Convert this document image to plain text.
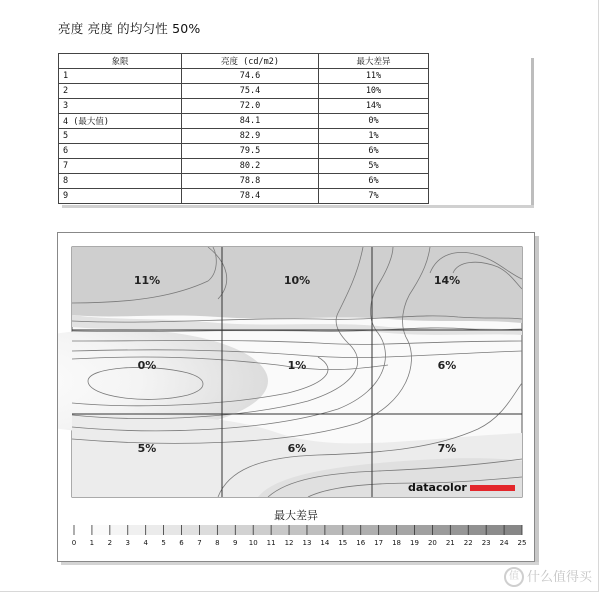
亮度 亮度 的均匀性 50%
象限	亮度 (cd/m2)	最大差异
1	74.6	11%
2	75.4	10%
3	72.0	14%
4 (最大值)	84.1	0%
5	82.9	1%
6	79.5	6%
7	80.2	5%
8	78.8	6%
9	78.4	7%
11%	10%	14%
0%	1%	6%
5%	6%	7%
datacolor
最大差异
0 1 2 3 4 5 6 7 8 9 10 11 12 13 14 15 16 17 18 19 20 21 22 23 24 25
值 什么值得买
